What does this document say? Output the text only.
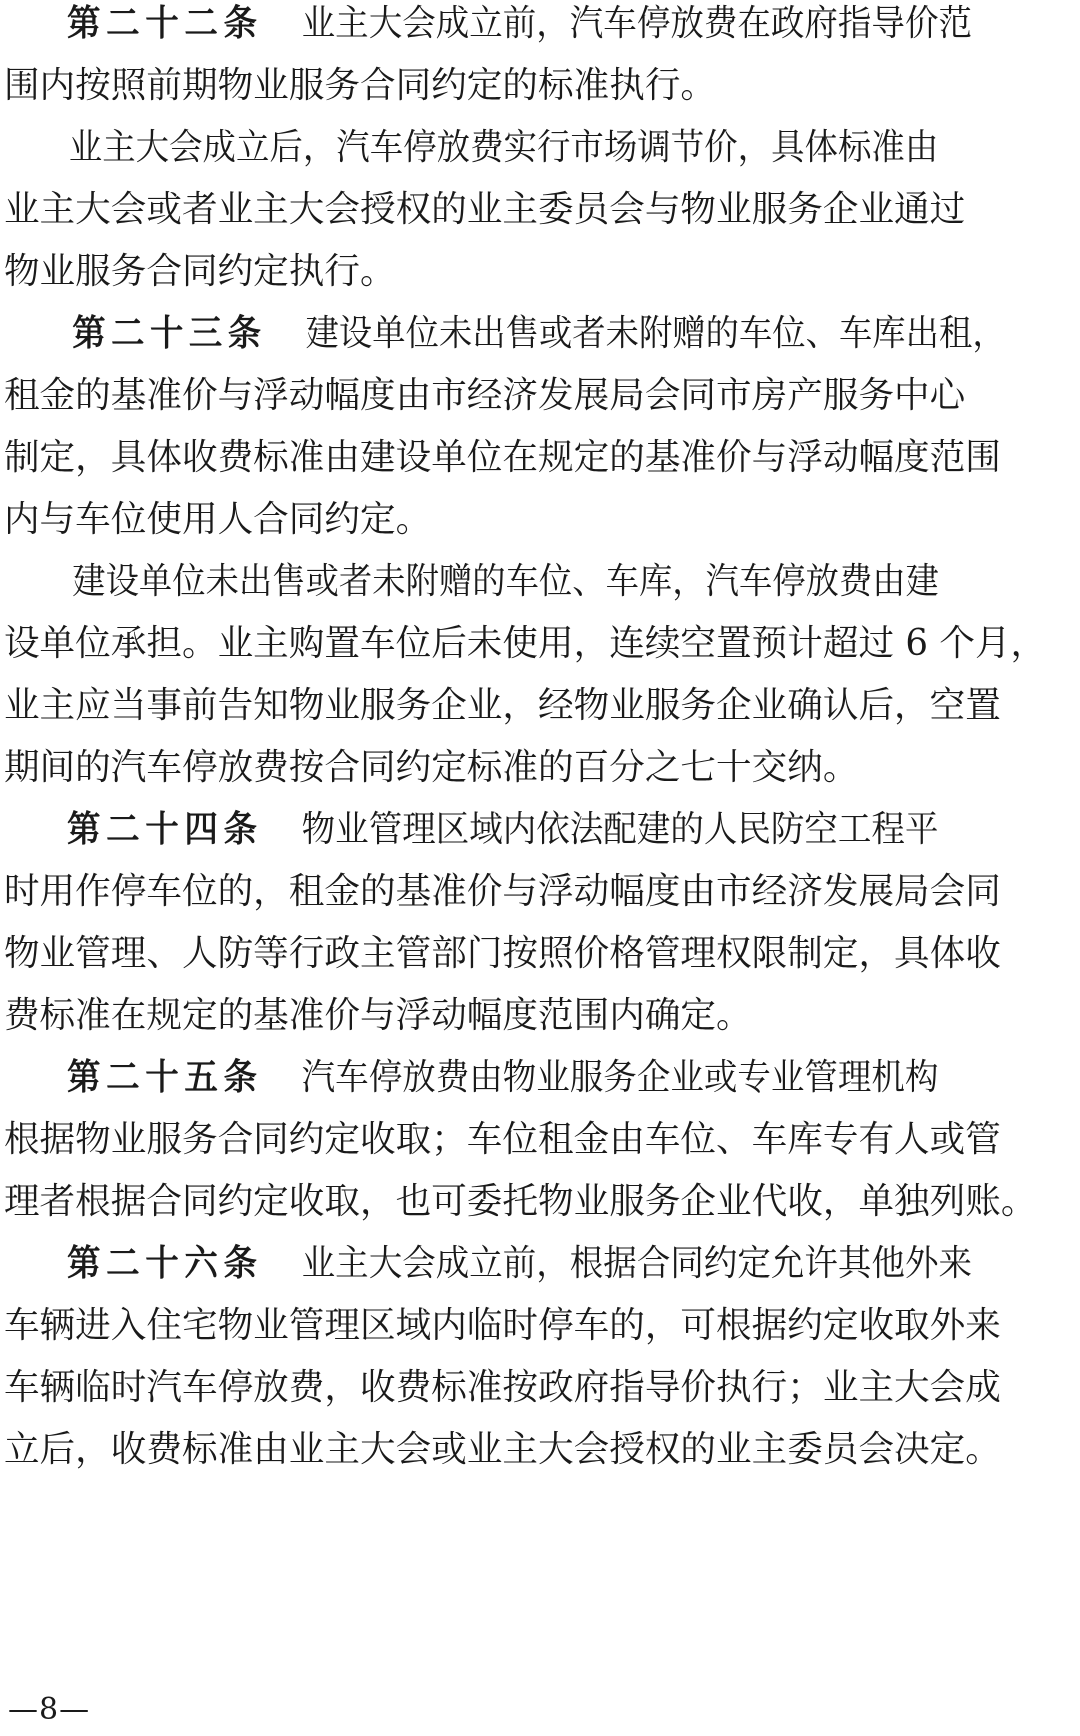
第二十二条 业主大会成立前，汽车停放费在政府指导价范
围内按照前期物业服务合同约定的标准执行。
业主大会成立后，汽车停放费实行市场调节价，具体标准由
业主大会或者业主大会授权的业主委员会与物业服务企业通过
物业服务合同约定执行。
第二十三条 建设单位未出售或者未附赠的车位、车库出租，
租金的基准价与浮动幅度由市经济发展局会同市房产服务中心
制定，具体收费标准由建设单位在规定的基准价与浮动幅度范围
内与车位使用人合同约定。
建设单位未出售或者未附赠的车位、车库，汽车停放费由建
设单位承担。业主购置车位后未使用，连续空置预计超过 6 个月，
业主应当事前告知物业服务企业，经物业服务企业确认后，空置
期间的汽车停放费按合同约定标准的百分之七十交纳。
第二十四条 物业管理区域内依法配建的人民防空工程平
时用作停车位的，租金的基准价与浮动幅度由市经济发展局会同
物业管理、人防等行政主管部门按照价格管理权限制定，具体收
费标准在规定的基准价与浮动幅度范围内确定。
第二十五条 汽车停放费由物业服务企业或专业管理机构
根据物业服务合同约定收取；车位租金由车位、车库专有人或管
理者根据合同约定收取，也可委托物业服务企业代收，单独列账。
第二十六条 业主大会成立前，根据合同约定允许其他外来
车辆进入住宅物业管理区域内临时停车的，可根据约定收取外来
车辆临时汽车停放费，收费标准按政府指导价执行；业主大会成
立后，收费标准由业主大会或业主大会授权的业主委员会决定。
—8—
